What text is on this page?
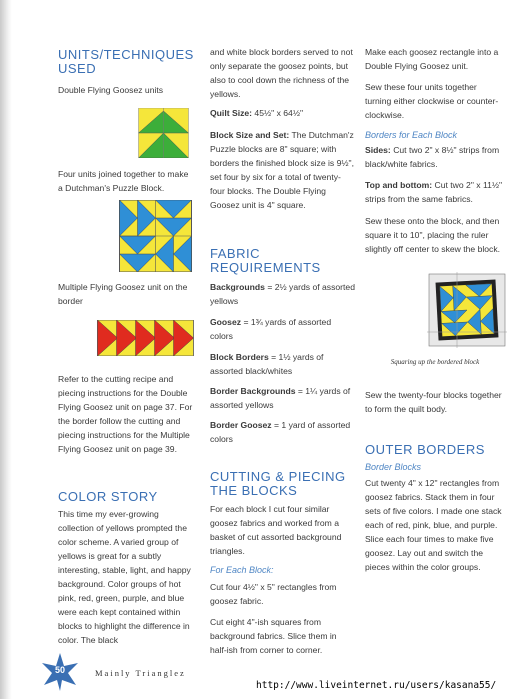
UNITS/TECHNIQUES USED
Double Flying Goosez units
Four units joined together to make a Dutchman's Puzzle Block.
Multiple Flying Goosez unit on the border
Refer to the cutting recipe and piecing instructions for the Double Flying Goosez unit on page 37. For the border follow the cutting and piecing instructions for the Multiple Flying Goosez unit on page 39.
COLOR STORY
This time my ever-growing collection of yellows prompted the color scheme. A varied group of yellows is great for a subtly interesting, stable, light, and happy background. Color groups of hot pink, red, green, purple, and blue were each kept contained within blocks to highlight the difference in color. The black
and white block borders served to not only separate the goosez points, but also to cool down the richness of the yellows.
Quilt Size: 45½" x 64½"
Block Size and Set: The Dutchman'z Puzzle blocks are 8" square; with borders the finished block size is 9½", set four by six for a total of twenty-four blocks. The Double Flying Goosez unit is 4" square.
FABRIC REQUIREMENTS
Backgrounds = 2½ yards of assorted yellows
Goosez = 1¾ yards of assorted colors
Block Borders = 1½ yards of assorted black/whites
Border Backgrounds = 1¼ yards of assorted yellows
Border Goosez = 1 yard of assorted colors
CUTTING & PIECING THE BLOCKS
For each block I cut four similar goosez fabrics and worked from a basket of cut assorted background triangles.
For Each Block:
Cut four 4½" x 5" rectangles from goosez fabric.
Cut eight 4"-ish squares from background fabrics. Slice them in half-ish from corner to corner.
Make each goosez rectangle into a Double Flying Goosez unit.
Sew these four units together turning either clockwise or counter-clockwise.
Borders for Each Block
Sides: Cut two 2" x 8½" strips from black/white fabrics.
Top and bottom: Cut two 2" x 11½" strips from the same fabrics.
Sew these onto the block, and then square it to 10", placing the ruler slightly off center to skew the block.
Squaring up the bordered block
Sew the twenty-four blocks together to form the quilt body.
OUTER BORDERS
Border Blocks
Cut twenty 4" x 12" rectangles from goosez fabrics. Stack them in four sets of five colors. I made one stack each of red, pink, blue, and purple. Slice each four times to make five goosez. Lay out and switch the pieces within the color groups.
50	Mainly Trianglez
http://www.liveinternet.ru/users/kasana55/
